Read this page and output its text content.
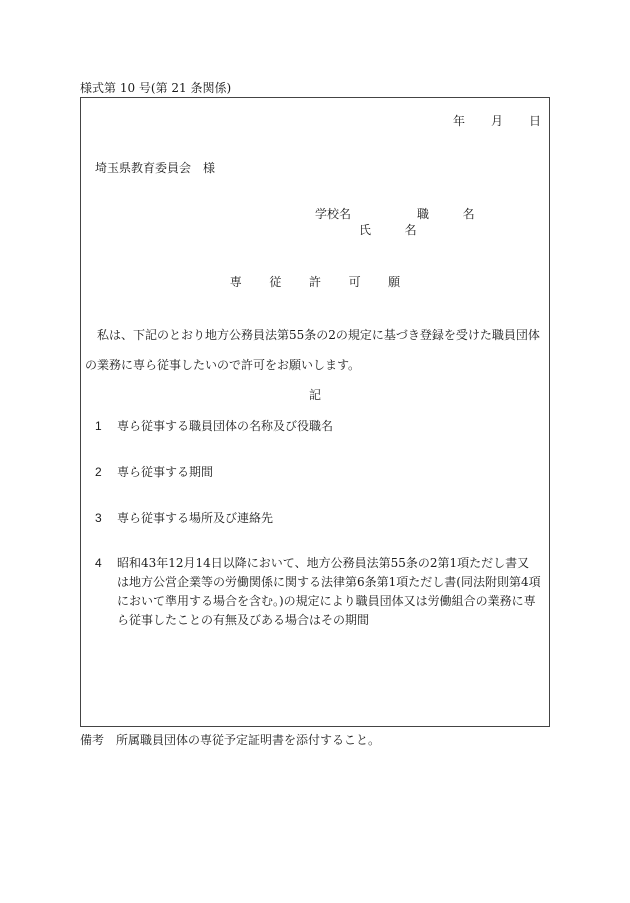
様式第 10 号(第 21 条関係)
年 月 日
埼玉県教育委員会　様
学校名	職　名
氏　名
専従許可願
私は、下記のとおり地方公務員法第55条の2の規定に基づき登録を受けた職員団体の業務に専ら従事したいので許可をお願いします。
記
1 専ら従事する職員団体の名称及び役職名
2 専ら従事する期間
3 専ら従事する場所及び連絡先
4 昭和43年12月14日以降において、地方公務員法第55条の2第1項ただし書又は地方公営企業等の労働関係に関する法律第6条第1項ただし書(同法附則第4項において準用する場合を含む。)の規定により職員団体又は労働組合の業務に専ら従事したことの有無及びある場合はその期間
備考　所属職員団体の専従予定証明書を添付すること。
